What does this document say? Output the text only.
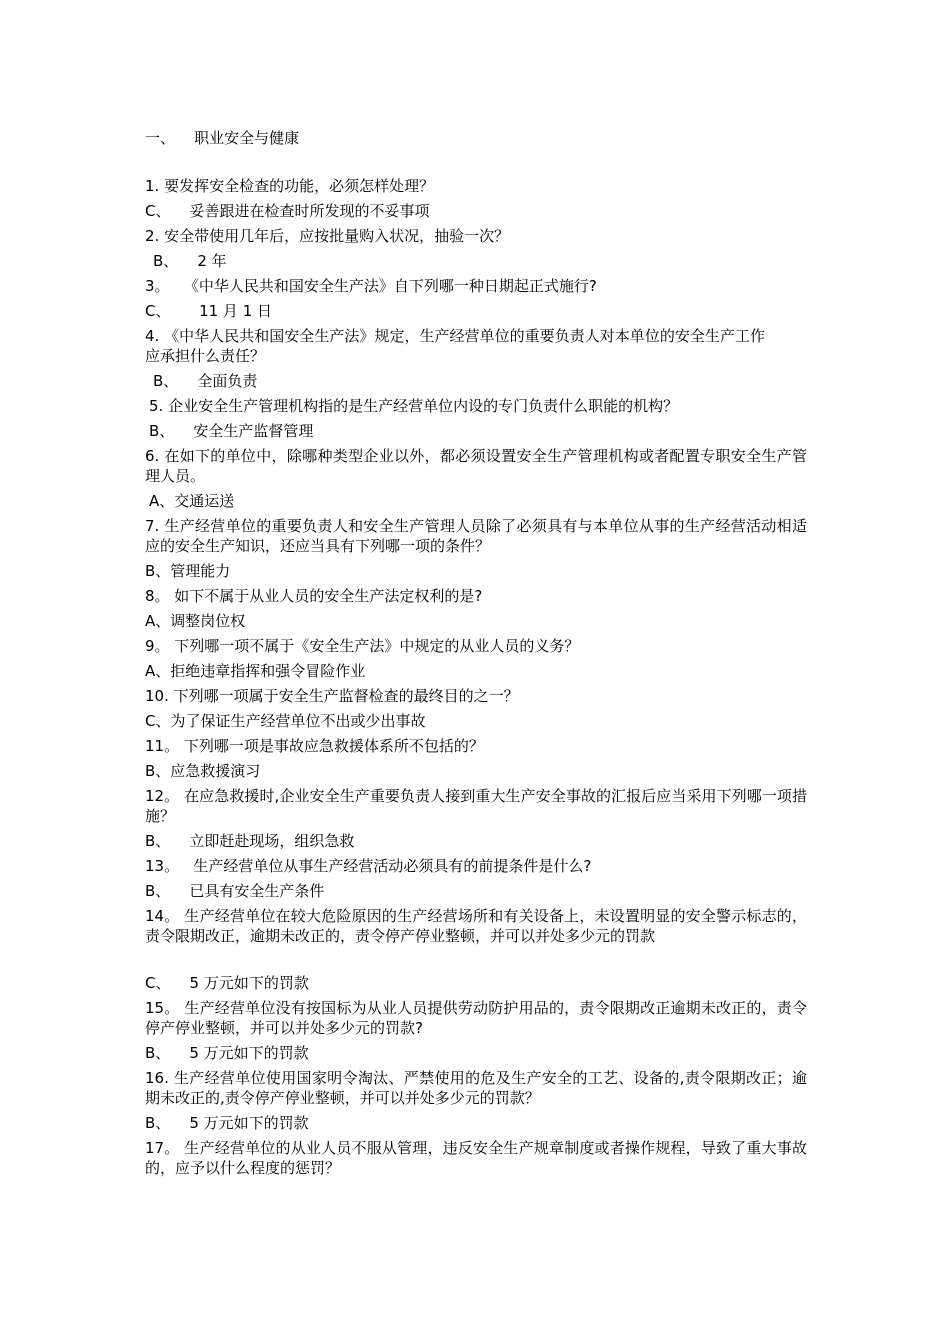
一、    职业安全与健康
1. 要发挥安全检查的功能，必须怎样处理？
C、    妥善跟进在检查时所发现的不妥事项
2. 安全带使用几年后，应按批量购入状况，抽验一次？
B、    2 年
3。   《中华人民共和国安全生产法》自下列哪一种日期起正式施行?
C、      11 月 1 日
4. 《中华人民共和国安全生产法》规定，生产经营单位的重要负责人对本单位的安全生产工作应承担什么责任？
B、    全面负责
5. 企业安全生产管理机构指的是生产经营单位内设的专门负责什么职能的机构？
B、    安全生产监督管理
6. 在如下的单位中，除哪种类型企业以外，都必须设置安全生产管理机构或者配置专职安全生产管理人员。
A、交通运送
7. 生产经营单位的重要负责人和安全生产管理人员除了必须具有与本单位从事的生产经营活动相适应的安全生产知识，还应当具有下列哪一项的条件？
B、管理能力
8。 如下不属于从业人员的安全生产法定权利的是?
A、调整岗位权
9。 下列哪一项不属于《安全生产法》中规定的从业人员的义务？
A、拒绝违章指挥和强令冒险作业
10. 下列哪一项属于安全生产监督检查的最终目的之一？
C、为了保证生产经营单位不出或少出事故
11。 下列哪一项是事故应急救援体系所不包括的？
B、应急救援演习
12。 在应急救援时,企业安全生产重要负责人接到重大生产安全事故的汇报后应当采用下列哪一项措施？
B、    立即赶赴现场，组织急救
13。   生产经营单位从事生产经营活动必须具有的前提条件是什么?
B、    已具有安全生产条件
14。 生产经营单位在较大危险原因的生产经营场所和有关设备上，未设置明显的安全警示标志的，责令限期改正，逾期未改正的，责令停产停业整顿，并可以并处多少元的罚款
C、    5 万元如下的罚款
15。 生产经营单位没有按国标为从业人员提供劳动防护用品的，责令限期改正逾期未改正的，责令停产停业整顿，并可以并处多少元的罚款?
B、    5 万元如下的罚款
16. 生产经营单位使用国家明令淘汰、严禁使用的危及生产安全的工艺、设备的,责令限期改正；逾期未改正的,责令停产停业整顿，并可以并处多少元的罚款？
B、    5 万元如下的罚款
17。 生产经营单位的从业人员不服从管理，违反安全生产规章制度或者操作规程，导致了重大事故的，应予以什么程度的惩罚？
